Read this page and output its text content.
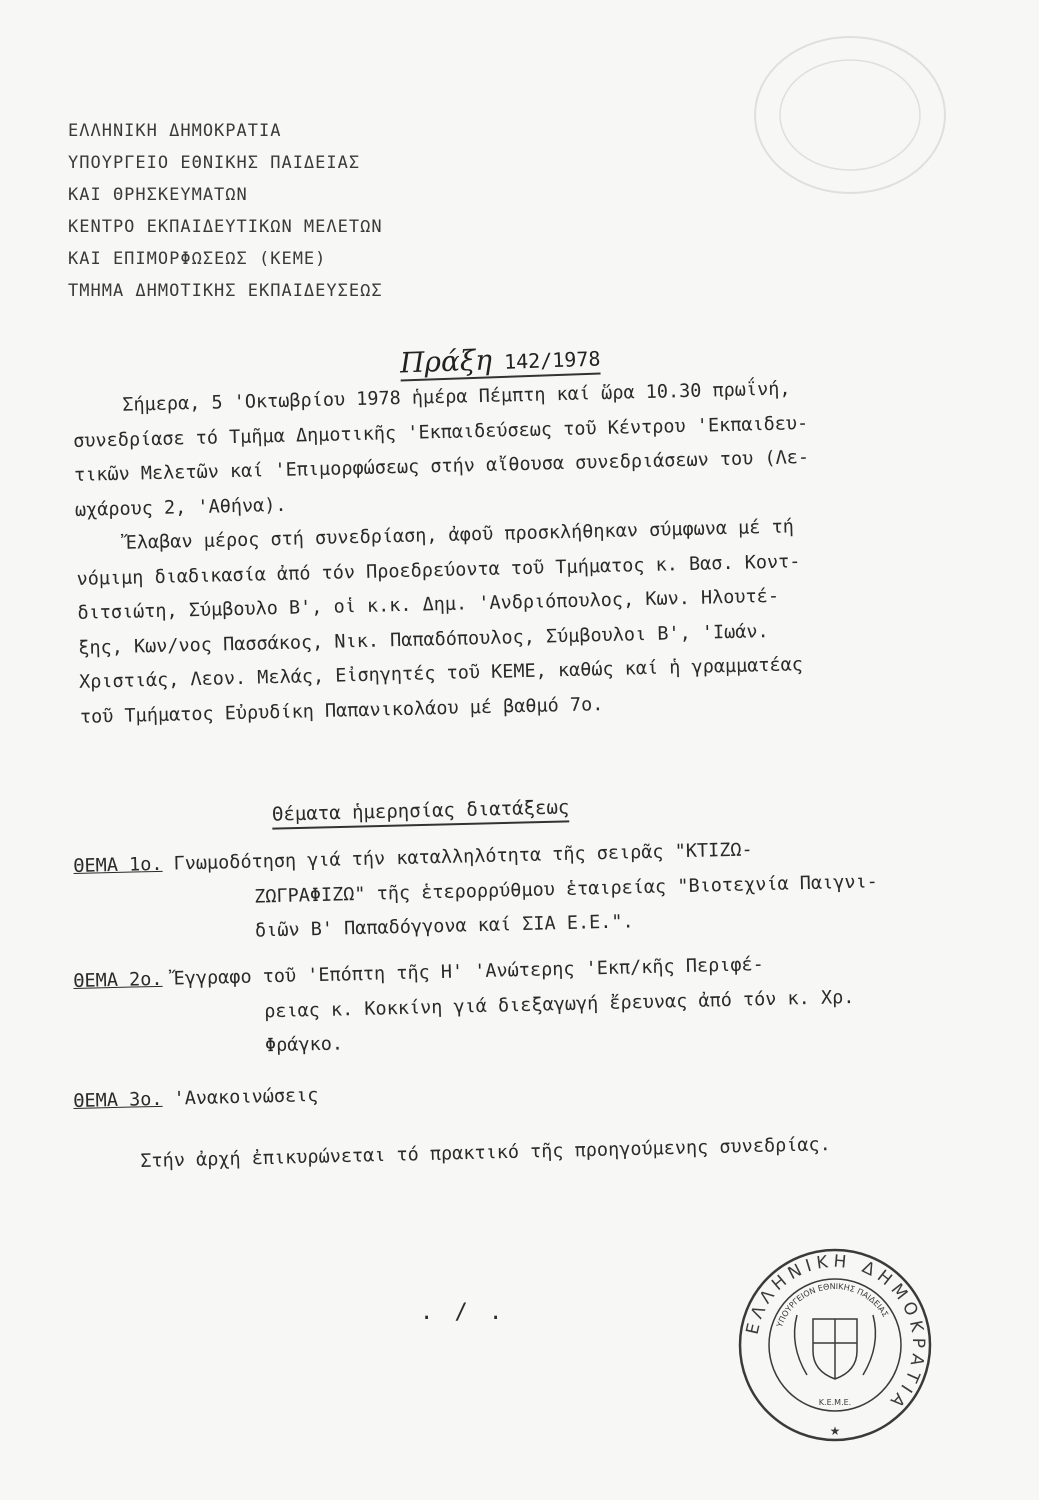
ΕΛΛΗΝΙΚΗ ΔΗΜΟΚΡΑΤΙΑ
ΥΠΟΥΡΓΕΙΟ ΕΘΝΙΚΗΣ ΠΑΙΔΕΙΑΣ
ΚΑΙ ΘΡΗΣΚΕΥΜΑΤΩΝ
ΚΕΝΤΡΟ ΕΚΠΑΙΔΕΥΤΙΚΩΝ ΜΕΛΕΤΩΝ
ΚΑΙ ΕΠΙΜΟΡΦΩΣΕΩΣ (ΚΕΜΕ)
ΤΜΗΜΑ ΔΗΜΟΤΙΚΗΣ ΕΚΠΑΙΔΕΥΣΕΩΣ
Πράξη 142/1978
Σήμερα, 5 'Οκτωβρίου 1978 ἡμέρα Πέμπτη καί ὥρα 10.30 πρωΐνή,
συνεδρίασε τό Τμῆμα Δημοτικῆς 'Εκπαιδεύσεως τοῦ Κέντρου 'Εκπαιδευ-
τικῶν Μελετῶν καί 'Επιμορφώσεως στήν αἴθουσα συνεδριάσεων του (Λε-
ωχάρους 2, 'Αθήνα).
Ἔλαβαν μέρος στή συνεδρίαση, ἀφοῦ προσκλήθηκαν σύμφωνα μέ τή
νόμιμη διαδικασία ἀπό τόν Προεδρεύοντα τοῦ Τμήματος κ. Βασ. Κοντ-
διτσιώτη, Σύμβουλο Β', οἱ κ.κ. Δημ. 'Ανδριόπουλος, Κων. Ηλουτέ-
ξης, Κων/νος Πασσάκος, Νικ. Παπαδόπουλος, Σύμβουλοι Β', 'Ιωάν.
Χριστιάς, Λεον. Μελάς, Εἰσηγητές τοῦ ΚΕΜΕ, καθώς καί ἡ γραμματέας
τοῦ Τμήματος Εὐρυδίκη Παπανικολάου μέ βαθμό 7ο.
Θέματα ἡμερησίας διατάξεως
ΘΕΜΑ 1ο. Γνωμοδότηση γιά τήν καταλληλότητα τῆς σειρᾶς "ΚΤΙΖΩ-
ΖΩΓΡΑΦΙΖΩ" τῆς ἑτερορρύθμου ἑταιρείας "Βιοτεχνία Παιγνι-
διῶν Β' Παπαδόγγονα καί ΣΙΑ Ε.Ε.".
ΘΕΜΑ 2ο. Ἔγγραφο τοῦ 'Επόπτη τῆς Η' 'Ανώτερης 'Εκπ/κῆς Περιφέ-
ρειας κ. Κοκκίνη γιά διεξαγωγή ἔρευνας ἀπό τόν κ. Χρ.
Φράγκο.
ΘΕΜΑ 3ο. 'Ανακοινώσεις
Στήν ἀρχή ἐπικυρώνεται τό πρακτικό τῆς προηγούμενης συνεδρίας.
. / .
ΕΛΛΗΝΙΚΗ ΔΗΜΟΚΡΑΤΙΑ
ΥΠΟΥΡΓΕΙΟΝ ΕΘΝΙΚΗΣ ΠΑΙΔΕΙΑΣ
Κ.Ε.Μ.Ε.
★
